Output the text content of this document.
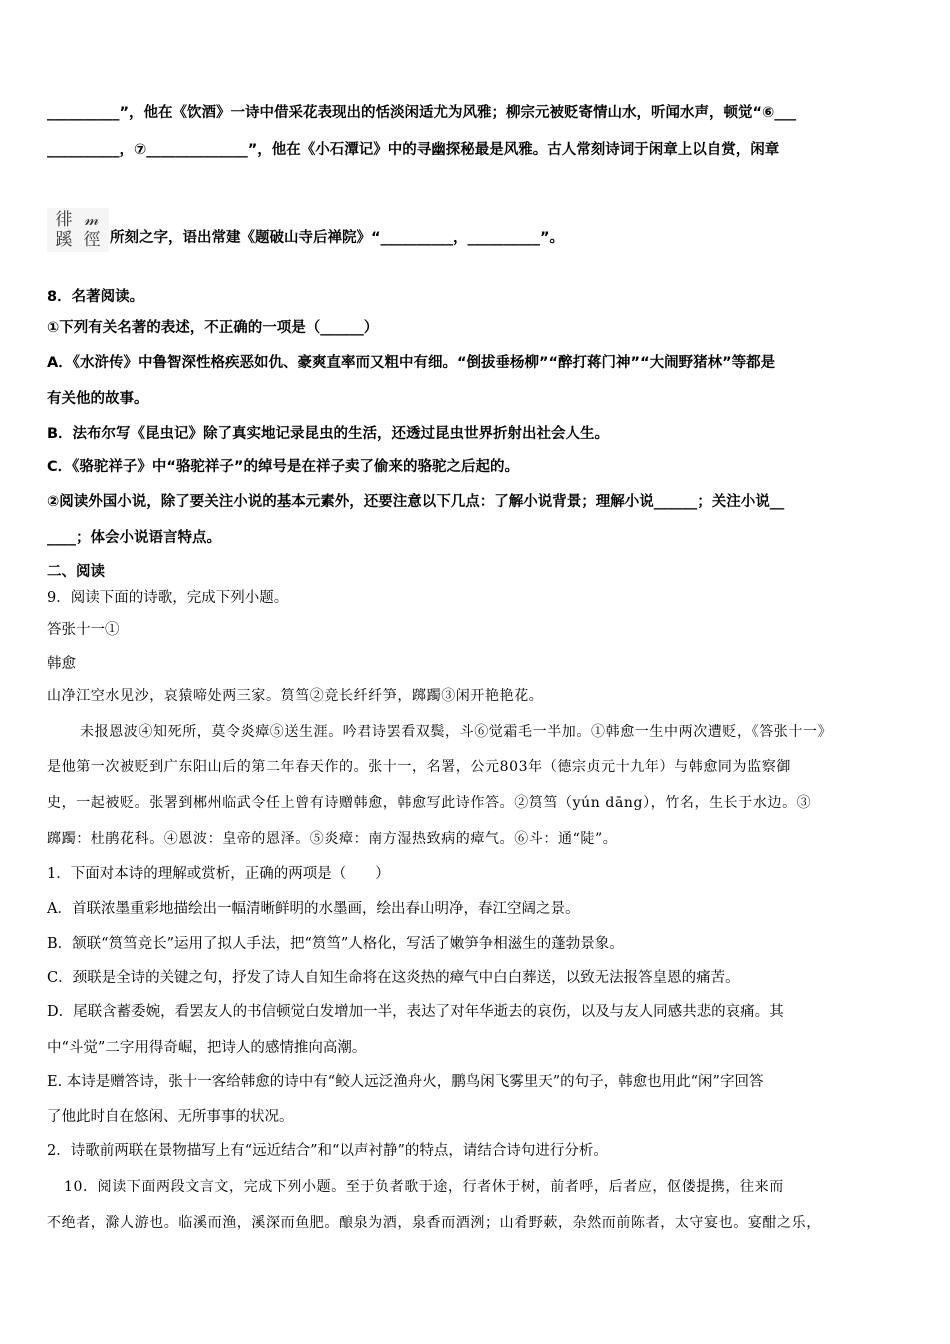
__________”，他在《饮酒》一诗中借采花表现出的恬淡闲适尤为风雅；柳宗元被贬寄情山水，听闻水声，顿觉“⑥___
__________，⑦______________”，他在《小石潭记》中的寻幽探秘最是风雅。古人常刻诗词于闲章上以自赏，闲章
徘 𝓂
蹊 徑 所刻之字，语出常建《题破山寺后禅院》“__________，__________”。
8．名著阅读。
①下列有关名著的表述，不正确的一项是（______）
A．《水浒传》中鲁智深性格疾恶如仇、豪爽直率而又粗中有细。“倒拔垂杨柳”“醉打蒋门神”“大闹野猪林”等都是
有关他的故事。
B．法布尔写《昆虫记》除了真实地记录昆虫的生活，还透过昆虫世界折射出社会人生。
C．《骆驼祥子》中“骆驼祥子”的绰号是在祥子卖了偷来的骆驼之后起的。
②阅读外国小说，除了要关注小说的基本元素外，还要注意以下几点：了解小说背景；理解小说______；关注小说__
____；体会小说语言特点。
二、阅读
9．阅读下面的诗歌，完成下列小题。
答张十一①
韩愈
山净江空水见沙，哀猿啼处两三家。筼筜②竞长纤纤笋，踯躅③闲开艳艳花。
未报恩波④知死所，莫令炎瘴⑤送生涯。吟君诗罢看双鬓，斗⑥觉霜毛一半加。①韩愈一生中两次遭贬，《答张十一》
是他第一次被贬到广东阳山后的第二年春天作的。张十一，名署，公元803年（德宗贞元十九年）与韩愈同为监察御
史，一起被贬。张署到郴州临武令任上曾有诗赠韩愈，韩愈写此诗作答。②筼筜（yún dāng），竹名，生长于水边。③
踯躅：杜鹃花科。④恩波：皇帝的恩泽。⑤炎瘴：南方湿热致病的瘴气。⑥斗：通“陡”。
1．下面对本诗的理解或赏析，正确的两项是（　　）
A．首联浓墨重彩地描绘出一幅清晰鲜明的水墨画，绘出春山明净，春江空阔之景。
B．颔联“筼筜竞长”运用了拟人手法，把“筼筜”人格化，写活了嫩笋争相滋生的蓬勃景象。
C．颈联是全诗的关键之句，抒发了诗人自知生命将在这炎热的瘴气中白白葬送，以致无法报答皇恩的痛苦。
D．尾联含蓄委婉，看罢友人的书信顿觉白发增加一半，表达了对年华逝去的哀伤，以及与友人同感共悲的哀痛。其
中“斗觉”二字用得奇崛，把诗人的感情推向高潮。
E. 本诗是赠答诗，张十一客给韩愈的诗中有“鲛人远泛渔舟火，鹏鸟闲飞雾里天”的句子，韩愈也用此“闲”字回答
了他此时自在悠闲、无所事事的状况。
2．诗歌前两联在景物描写上有“远近结合”和“以声衬静”的特点，请结合诗句进行分析。
10．阅读下面两段文言文，完成下列小题。至于负者歌于途，行者休于树，前者呼，后者应，伛偻提携，往来而
不绝者，滁人游也。临溪而渔，溪深而鱼肥。酿泉为酒，泉香而酒洌；山肴野蔌，杂然而前陈者，太守宴也。宴酣之乐，
